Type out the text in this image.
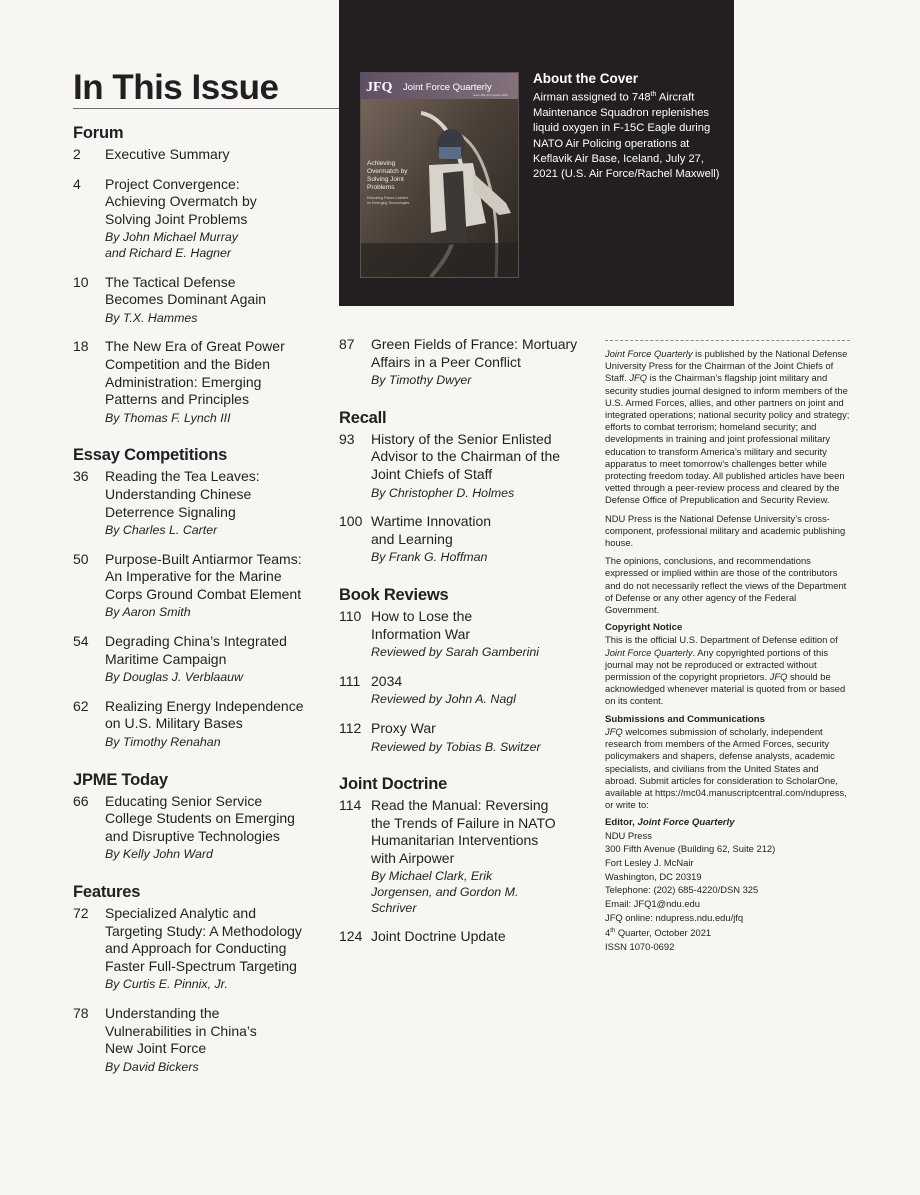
In This Issue	JFQ Joint Force Quarterly
Issue 103, 4th Quarter 2021
Achieving
Overmatch by
Solving Joint
Problems
Educating Future Leaders
on Emerging Technologies
About the Cover

Airman assigned to 748th Aircraft Maintenance Squadron replenishes liquid oxygen in F-15C Eagle during NATO Air Policing operations at Keflavik Air Base, Iceland, July 27, 2021 (U.S. Air Force/Rachel Maxwell)

Forum
2	Executive Summary
4	Project Convergence: Achieving Overmatch by Solving Joint Problems
By John Michael Murray and Richard E. Hagner
10	The Tactical Defense Becomes Dominant Again
By T.X. Hammes
18	The New Era of Great Power Competition and the Biden Administration: Emerging Patterns and Principles
By Thomas F. Lynch III
Essay Competitions
36	Reading the Tea Leaves: Understanding Chinese Deterrence Signaling
By Charles L. Carter
50	Purpose-Built Antiarmor Teams: An Imperative for the Marine Corps Ground Combat Element
By Aaron Smith
54	Degrading China’s Integrated Maritime Campaign
By Douglas J. Verblaauw
62	Realizing Energy Independence on U.S. Military Bases
By Timothy Renahan
JPME Today
66	Educating Senior Service College Students on Emerging and Disruptive Technologies
By Kelly John Ward
Features
72	Specialized Analytic and Targeting Study: A Methodology and Approach for Conducting Faster Full-Spectrum Targeting
By Curtis E. Pinnix, Jr.
78	Understanding the Vulnerabilities in China’s New Joint Force
By David Bickers
87	Green Fields of France: Mortuary Affairs in a Peer Conflict
By Timothy Dwyer
Recall
93	History of the Senior Enlisted Advisor to the Chairman of the Joint Chiefs of Staff
By Christopher D. Holmes
100 Wartime Innovation and Learning
By Frank G. Hoffman
Book Reviews
110 How to Lose the Information War
Reviewed by Sarah Gamberini
111 2034
Reviewed by John A. Nagl
112 Proxy War
Reviewed by Tobias B. Switzer
Joint Doctrine
114 Read the Manual: Reversing the Trends of Failure in NATO Humanitarian Interventions with Airpower
By Michael Clark, Erik Jorgensen, and Gordon M. Schriver
124 Joint Doctrine Update

Joint Force Quarterly is published by the National Defense University Press for the Chairman of the Joint Chiefs of Staff. JFQ is the Chairman’s flagship joint military and security studies journal designed to inform members of the U.S. Armed Forces, allies, and other partners on joint and integrated operations; national security policy and strategy; efforts to combat terrorism; homeland security; and developments in training and joint professional military education to transform America’s military and security apparatus to meet tomorrow’s challenges better while protecting freedom today. All published articles have been vetted through a peer-review process and cleared by the Defense Office of Prepublication and Security Review.

NDU Press is the National Defense University’s cross-component, professional military and academic publishing house.

The opinions, conclusions, and recommendations expressed or implied within are those of the contributors and do not necessarily reflect the views of the Department of Defense or any other agency of the Federal Government.

Copyright Notice

This is the official U.S. Department of Defense edition of Joint Force Quarterly. Any copyrighted portions of this journal may not be reproduced or extracted without permission of the copyright proprietors. JFQ should be acknowledged whenever material is quoted from or based on its content.

Submissions and Communications

JFQ welcomes submission of scholarly, independent research from members of the Armed Forces, security policymakers and shapers, defense analysts, academic specialists, and civilians from the United States and abroad. Submit articles for consideration to ScholarOne, available at https://mc04.manuscriptcentral.com/ndupress, or write to:

Editor, Joint Force Quarterly

NDU Press

300 Fifth Avenue (Building 62, Suite 212)

Fort Lesley J. McNair

Washington, DC 20319

Telephone: (202) 685-4220/DSN 325

Email: JFQ1@ndu.edu

JFQ online: ndupress.ndu.edu/jfq

4th Quarter, October 2021

ISSN 1070-0692
